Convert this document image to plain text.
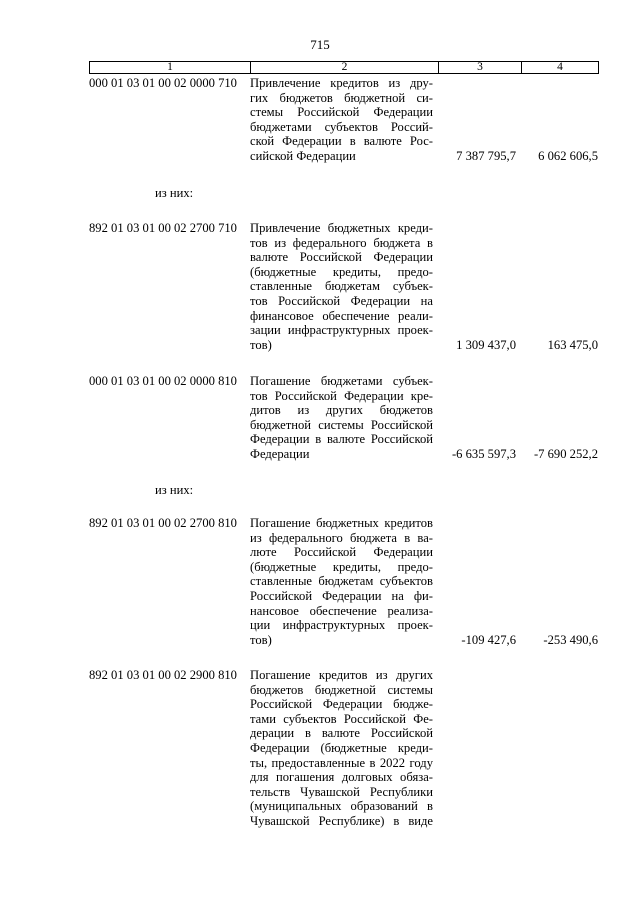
715
1	2	3	4
000 01 03 01 00 02 0000 710	Привлечение кредитов из дру-
гих бюджетов бюджетной си-
стемы Российской Федерации
бюджетами субъектов Россий-
ской Федерации в валюте Рос-
сийской Федерации	7 387 795,7 6 062 606,5
из них:
892 01 03 01 00 02 2700 710	Привлечение бюджетных креди-
тов из федерального бюджета в
валюте Российской Федерации
(бюджетные кредиты, предо-
ставленные бюджетам субъек-
тов Российской Федерации на
финансовое обеспечение реали-
зации инфраструктурных проек-
тов)	1 309 437,0	163 475,0
000 01 03 01 00 02 0000 810	Погашение бюджетами субъек-
тов Российской Федерации кре-
дитов из других бюджетов
бюджетной системы Российской
Федерации в валюте Российской
Федерации	-6 635 597,3 -7 690 252,2
из них:
892 01 03 01 00 02 2700 810	Погашение бюджетных кредитов
из федерального бюджета в ва-
люте Российской Федерации
(бюджетные кредиты, предо-
ставленные бюджетам субъектов
Российской Федерации на фи-
нансовое обеспечение реализа-
ции инфраструктурных проек-
тов)	-109 427,6 -253 490,6
892 01 03 01 00 02 2900 810	Погашение кредитов из других
бюджетов бюджетной системы
Российской Федерации бюдже-
тами субъектов Российской Фе-
дерации в валюте Российской
Федерации (бюджетные креди-
ты, предоставленные в 2022 году
для погашения долговых обяза-
тельств Чувашской Республики
(муниципальных образований в
Чувашской Республике) в виде
